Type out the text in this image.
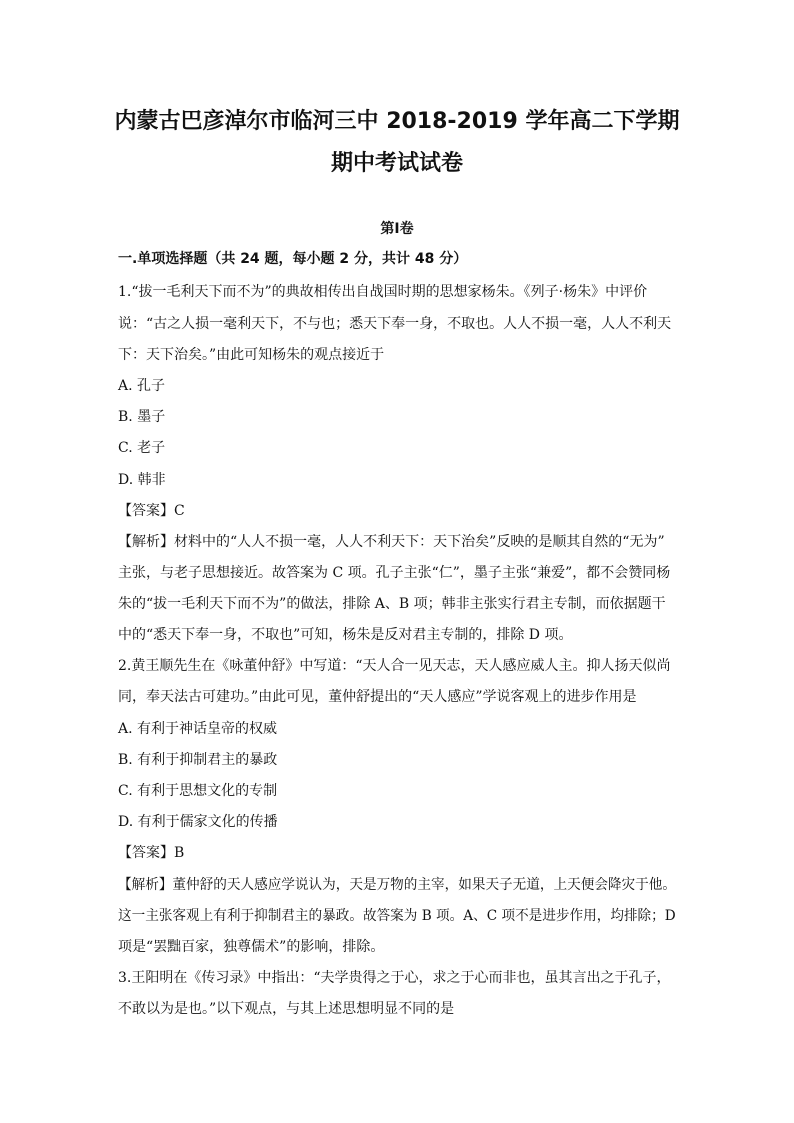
内蒙古巴彦淖尔市临河三中 2018-2019 学年高二下学期
期中考试试卷
第Ⅰ卷
一.单项选择题（共 24 题，每小题 2 分，共计 48 分）
1.“拔一毛利天下而不为”的典故相传出自战国时期的思想家杨朱。《列子·杨朱》中评价
说：“古之人损一毫利天下，不与也；悉天下奉一身，不取也。人人不损一毫，人人不利天
下：天下治矣。”由此可知杨朱的观点接近于
A. 孔子
B. 墨子
C. 老子
D. 韩非
【答案】C
【解析】材料中的“人人不损一毫，人人不利天下：天下治矣”反映的是顺其自然的“无为”
主张，与老子思想接近。故答案为 C 项。孔子主张“仁”，墨子主张“兼爱”，都不会赞同杨
朱的“拔一毛利天下而不为”的做法，排除 A、B 项；韩非主张实行君主专制，而依据题干
中的“悉天下奉一身，不取也”可知，杨朱是反对君主专制的，排除 D 项。
2.黄王顺先生在《咏董仲舒》中写道：“天人合一见天志，天人感应威人主。抑人扬天似尚
同，奉天法古可建功。”由此可见，董仲舒提出的“天人感应”学说客观上的进步作用是
A. 有利于神话皇帝的权威
B. 有利于抑制君主的暴政
C. 有利于思想文化的专制
D. 有利于儒家文化的传播
【答案】B
【解析】董仲舒的天人感应学说认为，天是万物的主宰，如果天子无道，上天便会降灾于他。
这一主张客观上有利于抑制君主的暴政。故答案为 B 项。A、C 项不是进步作用，均排除；D
项是“罢黜百家，独尊儒术”的影响，排除。
3.王阳明在《传习录》中指出：“夫学贵得之于心，求之于心而非也，虽其言出之于孔子，
不敢以为是也。”以下观点，与其上述思想明显不同的是
